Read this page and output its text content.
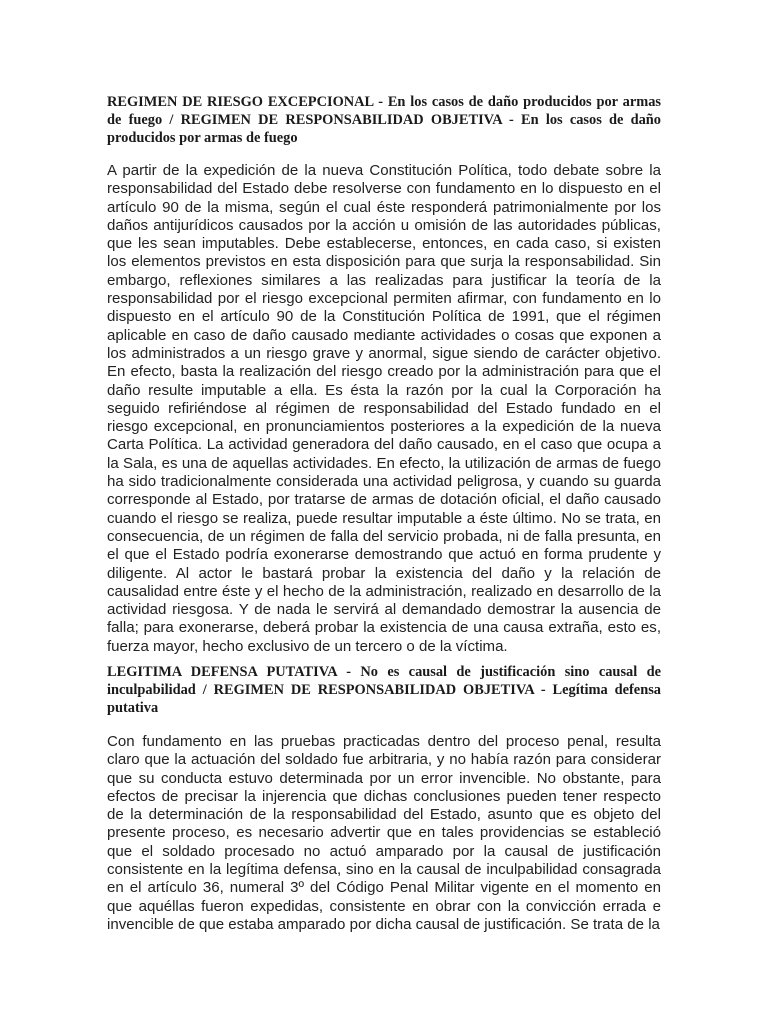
REGIMEN DE RIESGO EXCEPCIONAL - En los casos de daño producidos por armas de fuego / REGIMEN DE RESPONSABILIDAD OBJETIVA - En los casos de daño producidos por armas de fuego

A partir de la expedición de la nueva Constitución Política, todo debate sobre la responsabilidad del Estado debe resolverse con fundamento en lo dispuesto en el artículo 90 de la misma, según el cual éste responderá patrimonialmente por los daños antijurídicos causados por la acción u omisión de las autoridades públicas, que les sean imputables. Debe establecerse, entonces, en cada caso, si existen los elementos previstos en esta disposición para que surja la responsabilidad. Sin embargo, reflexiones similares a las realizadas para justificar la teoría de la responsabilidad por el riesgo excepcional permiten afirmar, con fundamento en lo dispuesto en el artículo 90 de la Constitución Política de 1991, que el régimen aplicable en caso de daño causado mediante actividades o cosas que exponen a los administrados a un riesgo grave y anormal, sigue siendo de carácter objetivo. En efecto, basta la realización del riesgo creado por la administración para que el daño resulte imputable a ella. Es ésta la razón por la cual la Corporación ha seguido refiriéndose al régimen de responsabilidad del Estado fundado en el riesgo excepcional, en pronunciamientos posteriores a la expedición de la nueva Carta Política. La actividad generadora del daño causado, en el caso que ocupa a la Sala, es una de aquellas actividades. En efecto, la utilización de armas de fuego ha sido tradicionalmente considerada una actividad peligrosa, y cuando su guarda corresponde al Estado, por tratarse de armas de dotación oficial, el daño causado cuando el riesgo se realiza, puede resultar imputable a éste último. No se trata, en consecuencia, de un régimen de falla del servicio probada, ni de falla presunta, en el que el Estado podría exonerarse demostrando que actuó en forma prudente y diligente. Al actor le bastará probar la existencia del daño y la relación de causalidad entre éste y el hecho de la administración, realizado en desarrollo de la actividad riesgosa. Y de nada le servirá al demandado demostrar la ausencia de falla; para exonerarse, deberá probar la existencia de una causa extraña, esto es, fuerza mayor, hecho exclusivo de un tercero o de la víctima.

LEGITIMA DEFENSA PUTATIVA - No es causal de justificación sino causal de inculpabilidad / REGIMEN DE RESPONSABILIDAD OBJETIVA - Legítima defensa putativa

Con fundamento en las pruebas practicadas dentro del proceso penal, resulta claro que la actuación del soldado fue arbitraria, y no había razón para considerar que su conducta estuvo determinada por un error invencible. No obstante, para efectos de precisar la injerencia que dichas conclusiones pueden tener respecto de la determinación de la responsabilidad del Estado, asunto que es objeto del presente proceso, es necesario advertir que en tales providencias se estableció que el soldado procesado no actuó amparado por la causal de justificación consistente en la legítima defensa, sino en la causal de inculpabilidad consagrada en el artículo 36, numeral 3º del Código Penal Militar vigente en el momento en que aquéllas fueron expedidas, consistente en obrar con la convicción errada e invencible de que estaba amparado por dicha causal de justificación. Se trata de la
